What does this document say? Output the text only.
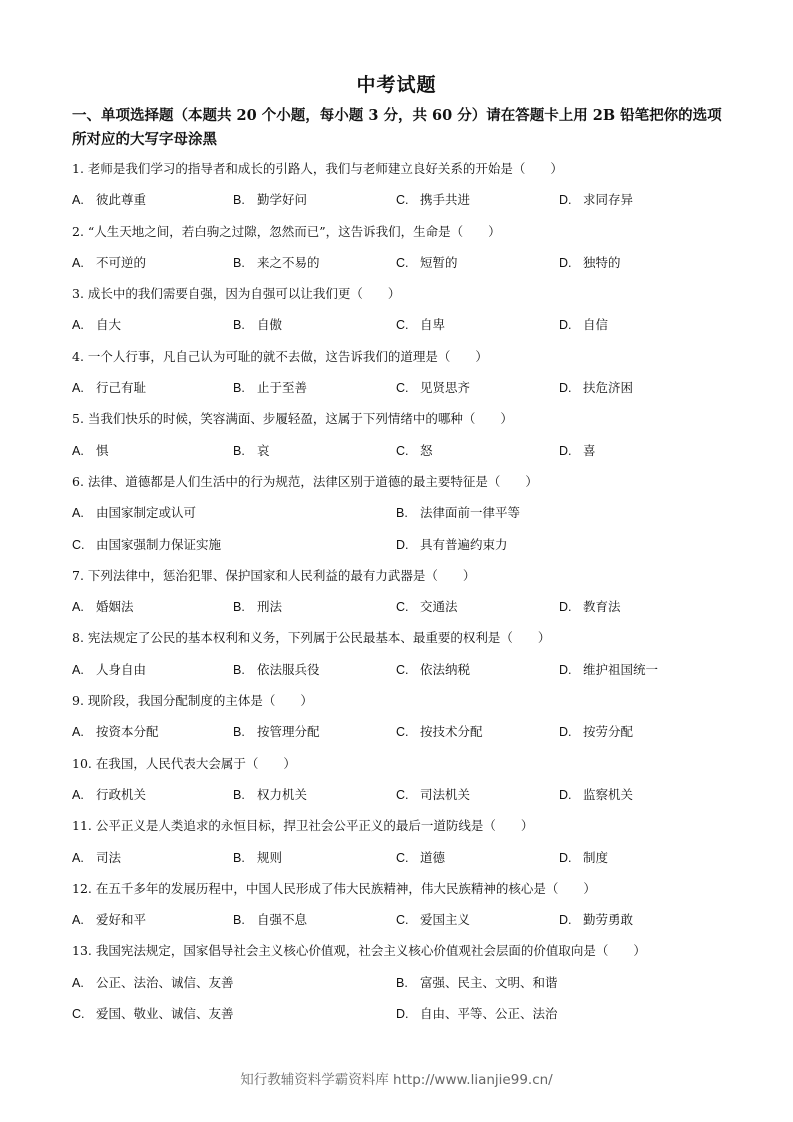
中考试题
一、单项选择题（本题共 20 个小题，每小题 3 分，共 60 分）请在答题卡上用 2B 铅笔把你的选项所对应的大写字母涂黑
1. 老师是我们学习的指导者和成长的引路人，我们与老师建立良好关系的开始是（　　）
A. 彼此尊重	B. 勤学好问	C. 携手共进	D. 求同存异
2. “人生天地之间，若白驹之过隙，忽然而已”，这告诉我们，生命是（　　）
A. 不可逆的	B. 来之不易的	C. 短暂的	D. 独特的
3. 成长中的我们需要自强，因为自强可以让我们更（　　）
A. 自大	B. 自傲	C. 自卑	D. 自信
4. 一个人行事，凡自己认为可耻的就不去做，这告诉我们的道理是（　　）
A. 行己有耻	B. 止于至善	C. 见贤思齐	D. 扶危济困
5. 当我们快乐的时候，笑容满面、步履轻盈，这属于下列情绪中的哪种（　　）
A. 惧	B. 哀	C. 怒	D. 喜
6. 法律、道德都是人们生活中的行为规范，法律区别于道德的最主要特征是（　　）
A. 由国家制定或认可	B. 法律面前一律平等
C. 由国家强制力保证实施	D. 具有普遍约束力
7. 下列法律中，惩治犯罪、保护国家和人民利益的最有力武器是（　　）
A. 婚姻法	B. 刑法	C. 交通法	D. 教育法
8. 宪法规定了公民的基本权利和义务，下列属于公民最基本、最重要的权利是（　　）
A. 人身自由	B. 依法服兵役	C. 依法纳税	D. 维护祖国统一
9. 现阶段，我国分配制度的主体是（　　）
A. 按资本分配	B. 按管理分配	C. 按技术分配	D. 按劳分配
10. 在我国，人民代表大会属于（　　）
A. 行政机关	B. 权力机关	C. 司法机关	D. 监察机关
11. 公平正义是人类追求的永恒目标，捍卫社会公平正义的最后一道防线是（　　）
A. 司法	B. 规则	C. 道德	D. 制度
12. 在五千多年的发展历程中，中国人民形成了伟大民族精神，伟大民族精神的核心是（　　）
A. 爱好和平	B. 自强不息	C. 爱国主义	D. 勤劳勇敢
13. 我国宪法规定，国家倡导社会主义核心价值观，社会主义核心价值观社会层面的价值取向是（　　）
A. 公正、法治、诚信、友善	B. 富强、民主、文明、和谐
C. 爱国、敬业、诚信、友善	D. 自由、平等、公正、法治
知行教辅资料学霸资料库 http://www.lianjie99.cn/
